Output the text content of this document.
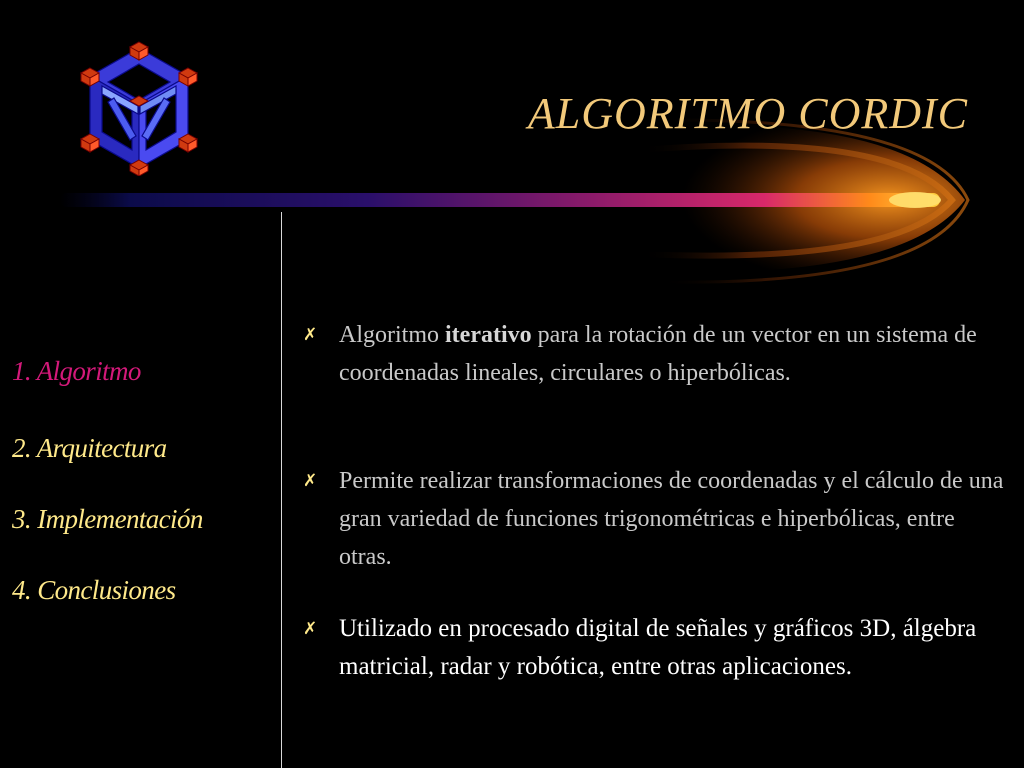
ALGORITMO CORDIC
1. Algoritmo
2. Arquitectura
3. Implementación
4. Conclusiones
✗ Algoritmo iterativo para la rotación de un vector en un sistema de coordenadas lineales, circulares o hiperbólicas.
✗ Permite realizar transformaciones de coordenadas y el cálculo de una gran variedad de funciones trigonométricas e hiperbólicas, entre otras.
✗ Utilizado en procesado digital de señales y gráficos 3D, álgebra matricial, radar y robótica, entre otras aplicaciones.
